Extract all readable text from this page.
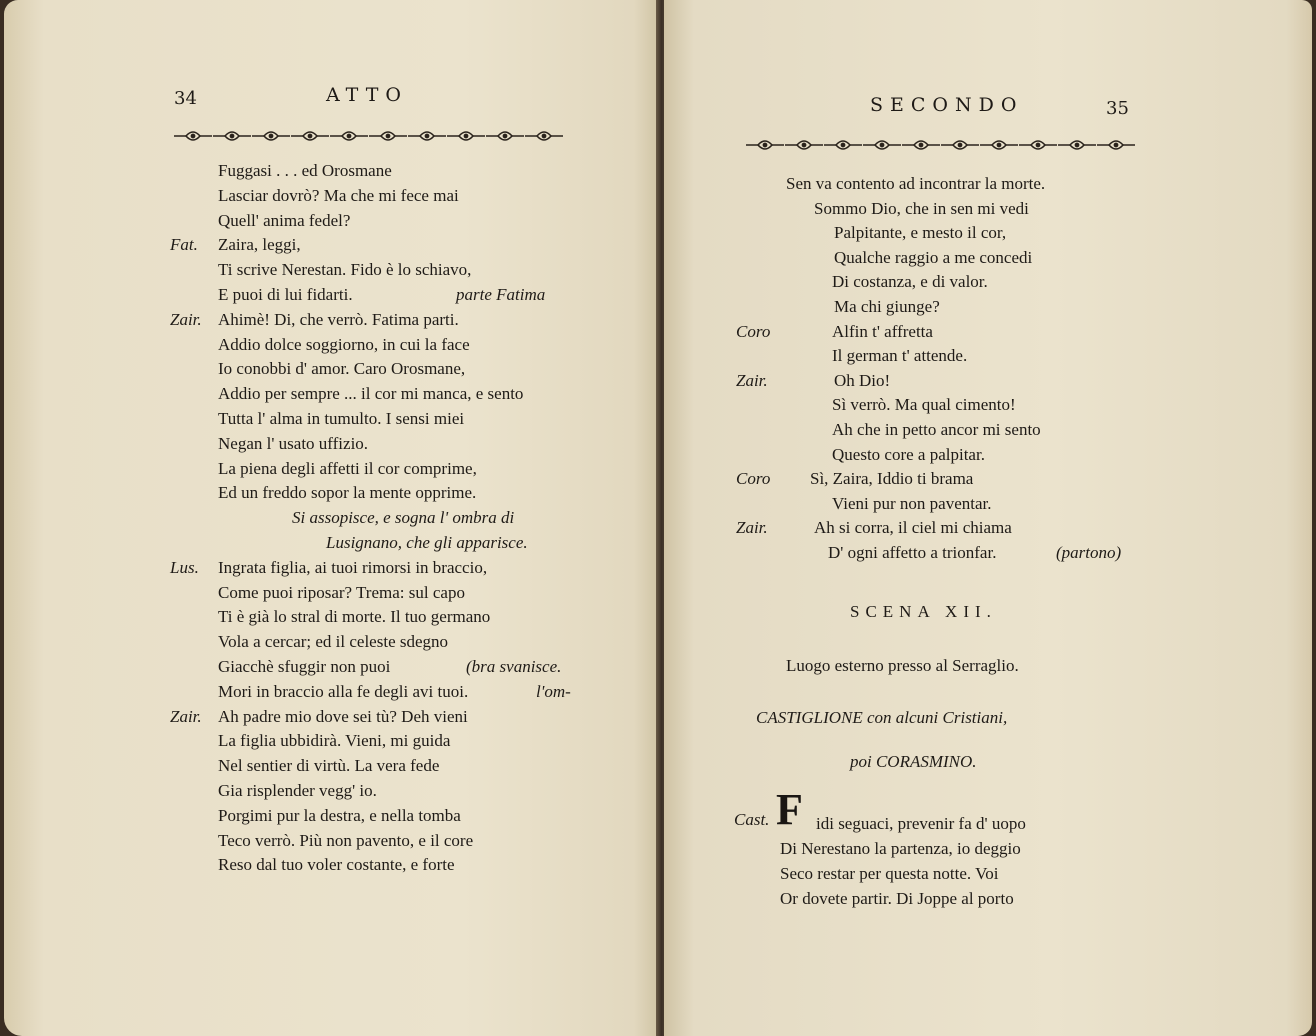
34	ATTO
Fuggasi . . . ed Orosmane
Lasciar dovrò? Ma che mi fece mai
Quell' anima fedel?
Fat. Zaira, leggi,
Ti scrive Nerestan. Fido è lo schiavo,
E puoi di lui fidarti.	parte Fatima
Zair. Ahimè! Di, che verrò. Fatima parti.
Addio dolce soggiorno, in cui la face
Io conobbi d' amor. Caro Orosmane,
Addio per sempre ... il cor mi manca, e sento
Tutta l' alma in tumulto. I sensi miei
Negan l' usato uffizio.
La piena degli affetti il cor comprime,
Ed un freddo sopor la mente opprime.
Si assopisce, e sogna l' ombra di
Lusignano, che gli apparisce.
Lus. Ingrata figlia, ai tuoi rimorsi in braccio,
Come puoi riposar? Trema: sul capo
Ti è già lo stral di morte. Il tuo germano
Vola a cercar; ed il celeste sdegno
Giacchè sfuggir non puoi	(bra svanisce.
Mori in braccio alla fe degli avi tuoi.	l'om-
Zair. Ah padre mio dove sei tù? Deh vieni
La figlia ubbidirà. Vieni, mi guida
Nel sentier di virtù. La vera fede
Gia risplender vegg' io.
Porgimi pur la destra, e nella tomba
Teco verrò. Più non pavento, e il core
Reso dal tuo voler costante, e forte
SECONDO	35
Sen va contento ad incontrar la morte.
Sommo Dio, che in sen mi vedi
Palpitante, e mesto il cor,
Qualche raggio a me concedi
Di costanza, e di valor.
Ma chi giunge?
Coro	Alfin t' affretta
Il german t' attende.
Zair.	Oh Dio!
Sì verrò. Ma qual cimento!
Ah che in petto ancor mi sento
Questo core a palpitar.
Coro Sì, Zaira, Iddio ti brama
Vieni pur non paventar.
Zair.	Ah si corra, il ciel mi chiama
D' ogni affetto a trionfar.	(partono)
SCENA XII.
Luogo esterno presso al Serraglio.
CASTIGLIONE con alcuni Cristiani,
poi CORASMINO.
Cast. F idi seguaci, prevenir fa d' uopo
Di Nerestano la partenza, io deggio
Seco restar per questa notte. Voi
Or dovete partir. Di Joppe al porto
